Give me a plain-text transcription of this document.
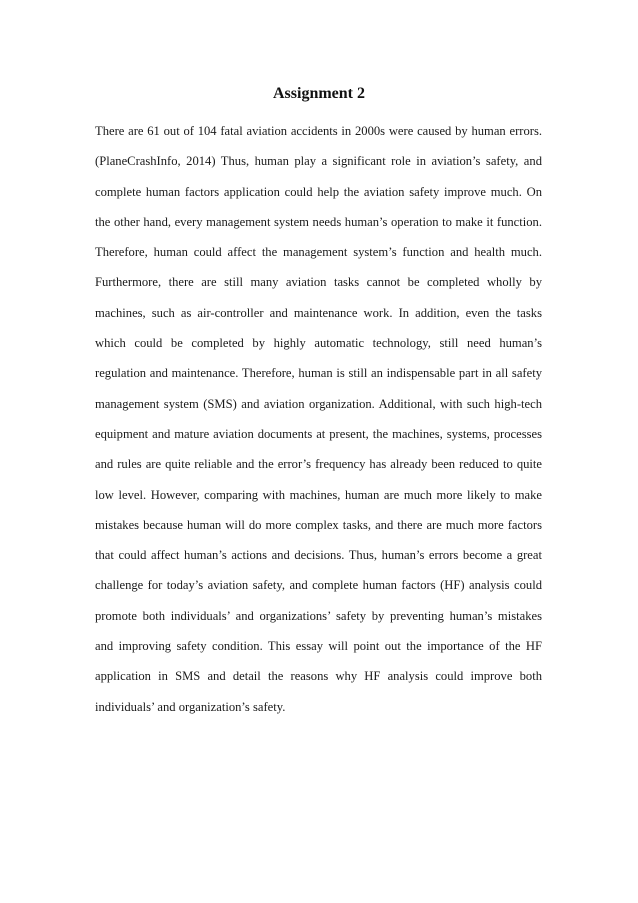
Assignment 2
There are 61 out of 104 fatal aviation accidents in 2000s were caused by human errors.
(PlaneCrashInfo, 2014) Thus, human play a significant role in aviation’s safety, and
complete human factors application could help the aviation safety improve much. On
the other hand, every management system needs human’s operation to make it function.
Therefore, human could affect the management system’s function and health much.
Furthermore, there are still many aviation tasks cannot be completed wholly by
machines, such as air-controller and maintenance work. In addition, even the tasks
which could be completed by highly automatic technology, still need human’s
regulation and maintenance. Therefore, human is still an indispensable part in all safety
management system (SMS) and aviation organization. Additional, with such high-tech
equipment and mature aviation documents at present, the machines, systems, processes
and rules are quite reliable and the error’s frequency has already been reduced to quite
low level. However, comparing with machines, human are much more likely to make
mistakes because human will do more complex tasks, and there are much more factors
that could affect human’s actions and decisions. Thus, human’s errors become a great
challenge for today’s aviation safety, and complete human factors (HF) analysis could
promote both individuals’ and organizations’ safety by preventing human’s mistakes
and improving safety condition. This essay will point out the importance of the HF
application in SMS and detail the reasons why HF analysis could improve both
individuals’ and organization’s safety.
